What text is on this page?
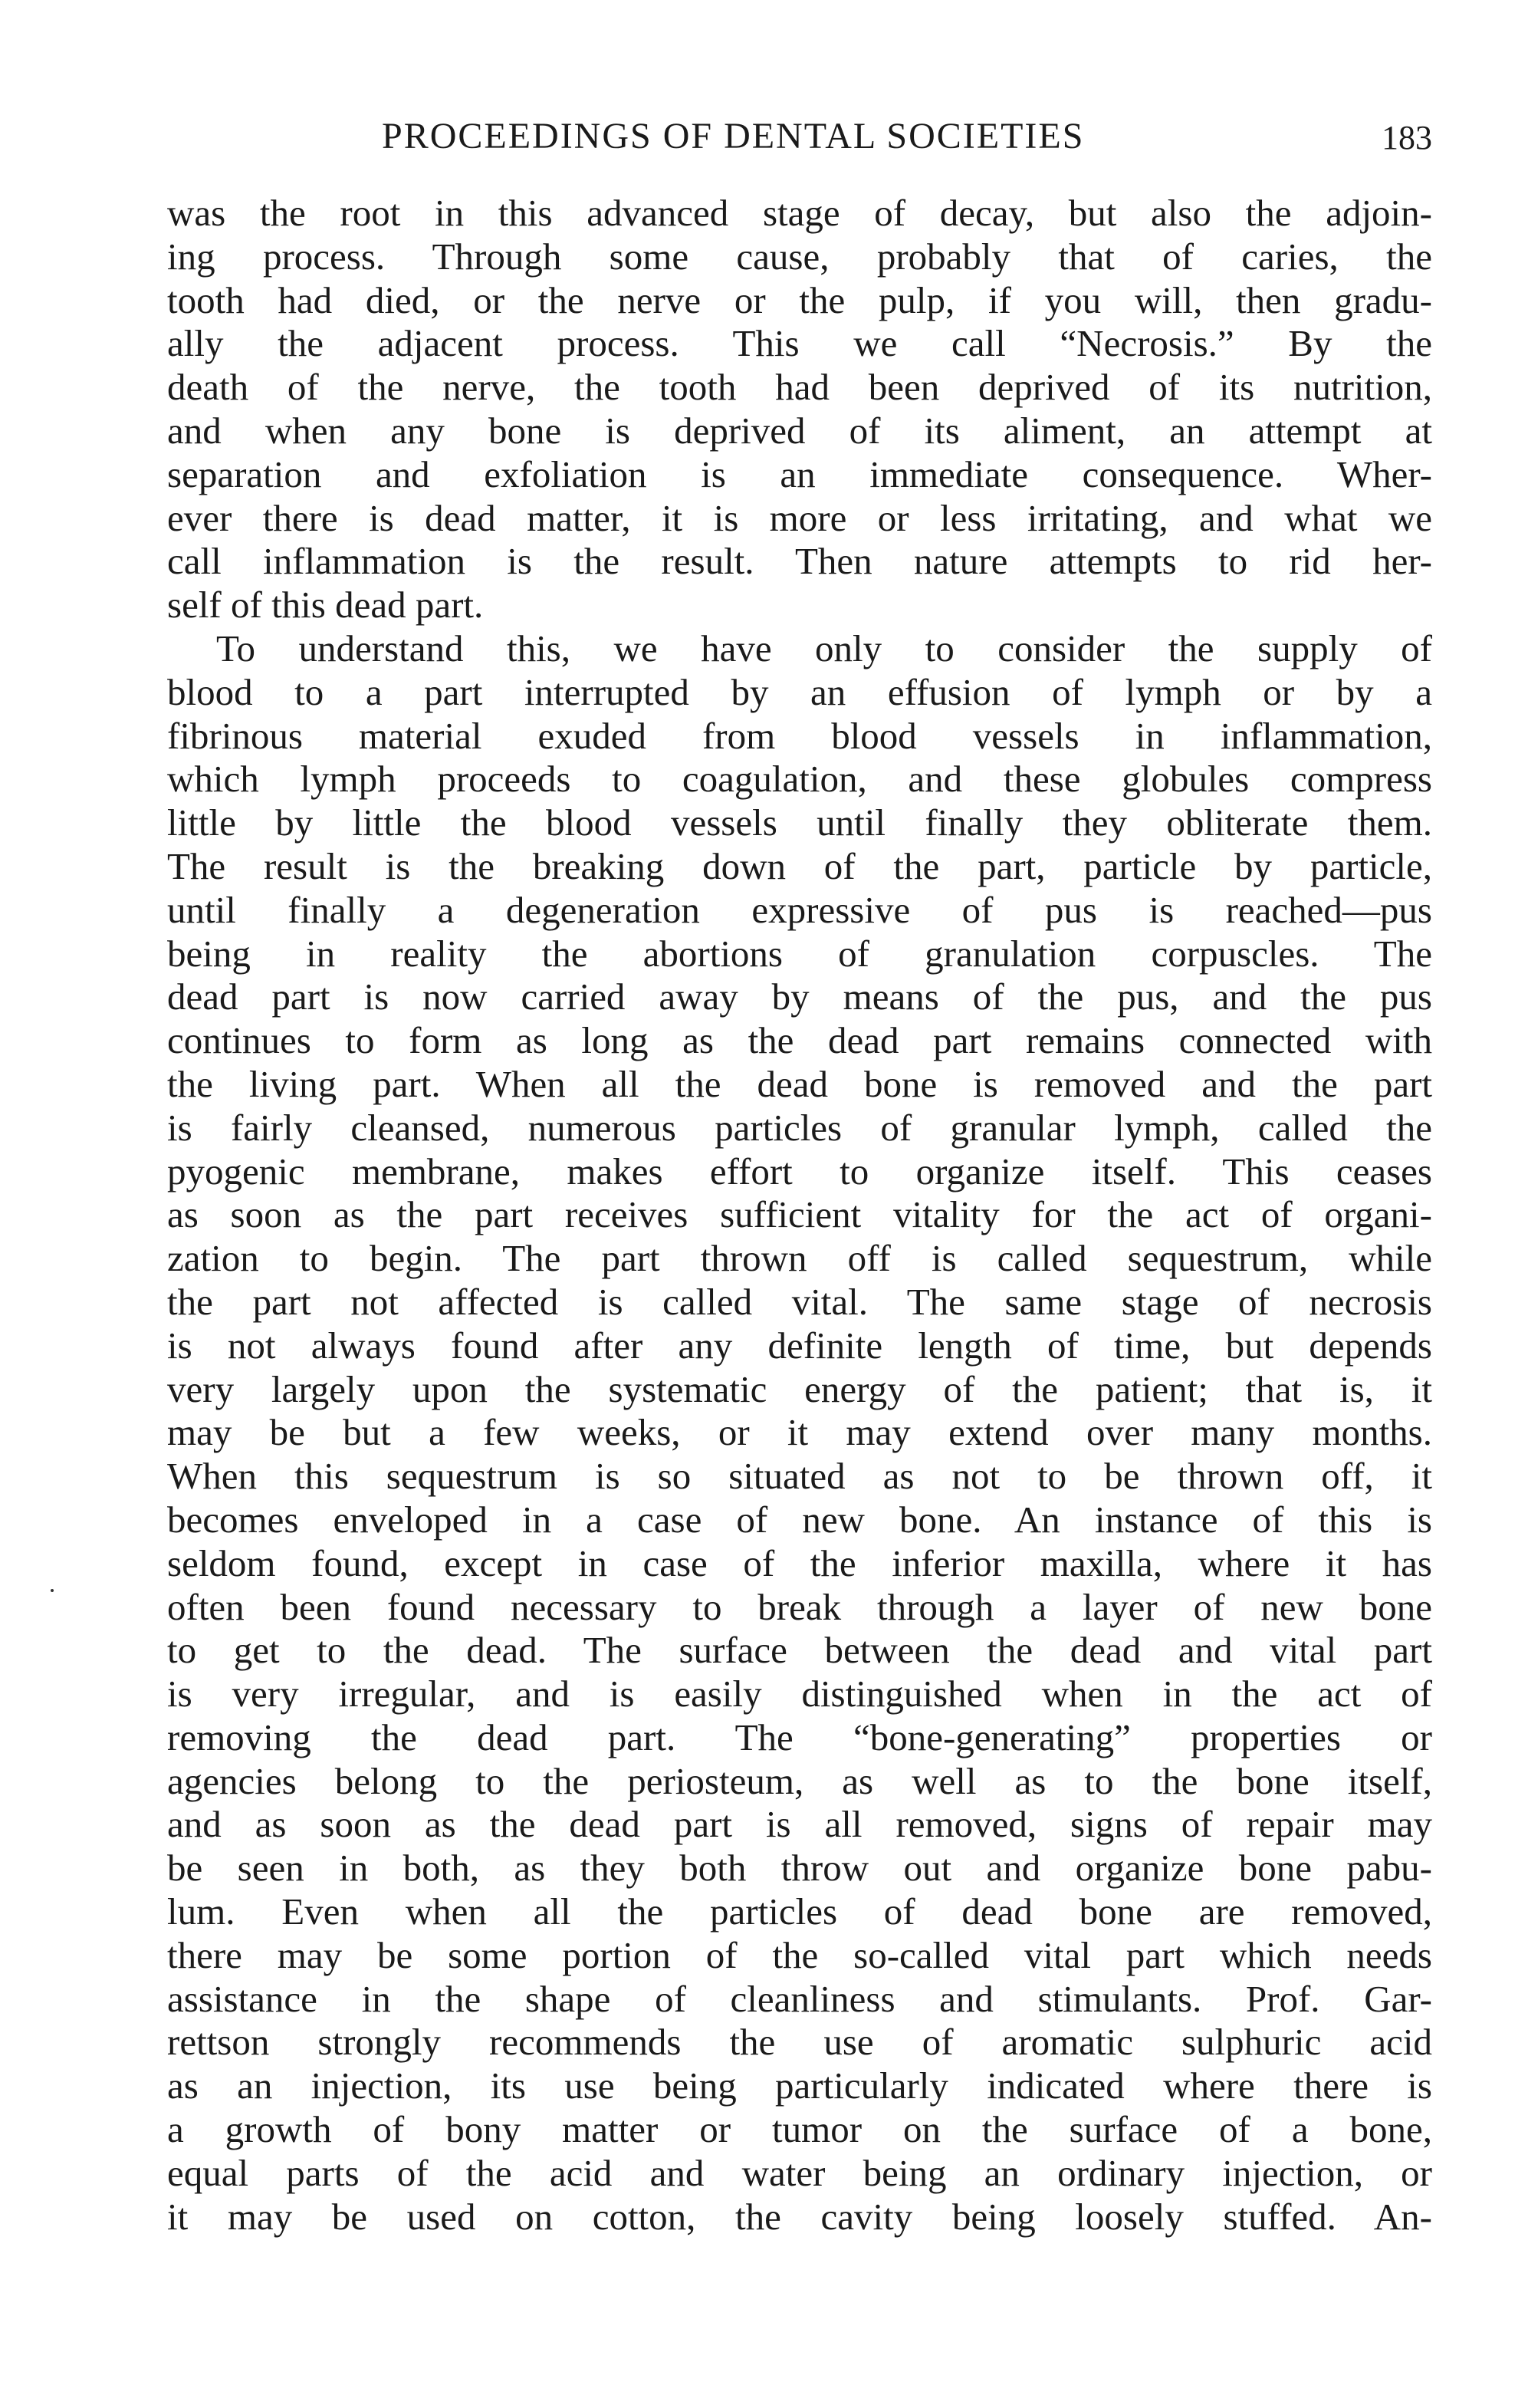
PROCEEDINGS OF DENTAL SOCIETIES	183
was the root in this advanced stage of decay, but also the adjoin-
ing process. Through some cause, probably that of caries, the
tooth had died, or the nerve or the pulp, if you will, then gradu-
ally the adjacent process. This we call “Necrosis.” By the
death of the nerve, the tooth had been deprived of its nutrition,
and when any bone is deprived of its aliment, an attempt at
separation and exfoliation is an immediate consequence. Wher-
ever there is dead matter, it is more or less irritating, and what we
call inflammation is the result. Then nature attempts to rid her-
self of this dead part.
To understand this, we have only to consider the supply of
blood to a part interrupted by an effusion of lymph or by a
fibrinous material exuded from blood vessels in inflammation,
which lymph proceeds to coagulation, and these globules compress
little by little the blood vessels until finally they obliterate them.
The result is the breaking down of the part, particle by particle,
until finally a degeneration expressive of pus is reached—pus
being in reality the abortions of granulation corpuscles. The
dead part is now carried away by means of the pus, and the pus
continues to form as long as the dead part remains connected with
the living part. When all the dead bone is removed and the part
is fairly cleansed, numerous particles of granular lymph, called the
pyogenic membrane, makes effort to organize itself. This ceases
as soon as the part receives sufficient vitality for the act of organi-
zation to begin. The part thrown off is called sequestrum, while
the part not affected is called vital. The same stage of necrosis
is not always found after any definite length of time, but depends
very largely upon the systematic energy of the patient; that is, it
may be but a few weeks, or it may extend over many months.
When this sequestrum is so situated as not to be thrown off, it
becomes enveloped in a case of new bone. An instance of this is
seldom found, except in case of the inferior maxilla, where it has
often been found necessary to break through a layer of new bone
to get to the dead. The surface between the dead and vital part
is very irregular, and is easily distinguished when in the act of
removing the dead part. The “bone-generating” properties or
agencies belong to the periosteum, as well as to the bone itself,
and as soon as the dead part is all removed, signs of repair may
be seen in both, as they both throw out and organize bone pabu-
lum. Even when all the particles of dead bone are removed,
there may be some portion of the so-called vital part which needs
assistance in the shape of cleanliness and stimulants. Prof. Gar-
rettson strongly recommends the use of aromatic sulphuric acid
as an injection, its use being particularly indicated where there is
a growth of bony matter or tumor on the surface of a bone,
equal parts of the acid and water being an ordinary injection, or
it may be used on cotton, the cavity being loosely stuffed. An-
